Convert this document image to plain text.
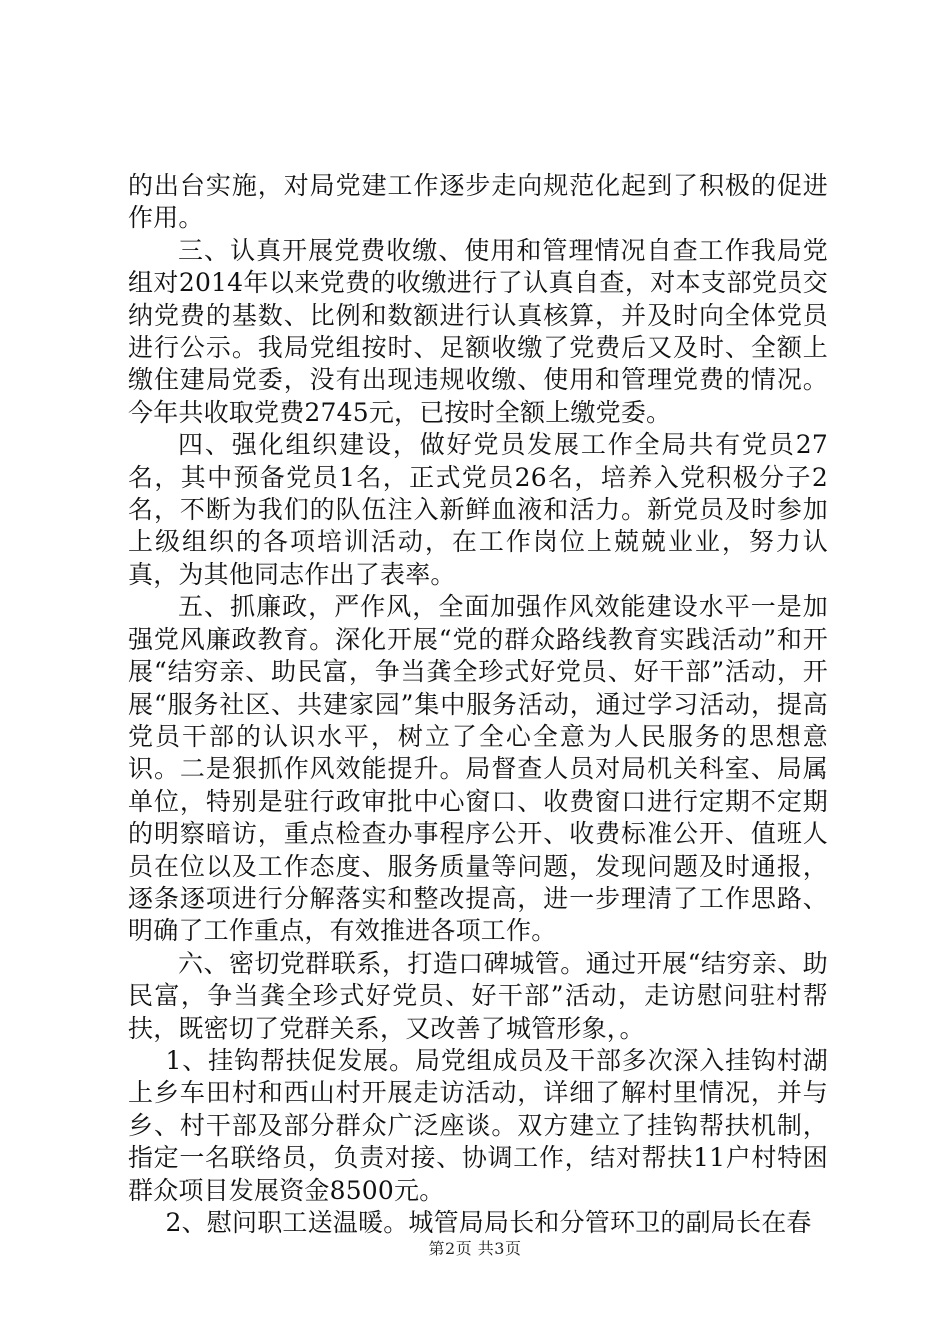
的出台实施，对局党建工作逐步走向规范化起到了积极的促进作用。

三、认真开展党费收缴、使用和管理情况自查工作我局党组对2014年以来党费的收缴进行了认真自查，对本支部党员交纳党费的基数、比例和数额进行认真核算，并及时向全体党员进行公示。我局党组按时、足额收缴了党费后又及时、全额上缴住建局党委，没有出现违规收缴、使用和管理党费的情况。今年共收取党费2745元，已按时全额上缴党委。

四、强化组织建设，做好党员发展工作全局共有党员27名，其中预备党员1名，正式党员26名，培养入党积极分子2名，不断为我们的队伍注入新鲜血液和活力。新党员及时参加上级组织的各项培训活动，在工作岗位上兢兢业业，努力认真，为其他同志作出了表率。

五、抓廉政，严作风，全面加强作风效能建设水平一是加强党风廉政教育。深化开展“党的群众路线教育实践活动”和开展“结穷亲、助民富，争当龚全珍式好党员、好干部”活动，开展“服务社区、共建家园”集中服务活动，通过学习活动，提高党员干部的认识水平，树立了全心全意为人民服务的思想意识。二是狠抓作风效能提升。局督查人员对局机关科室、局属单位，特别是驻行政审批中心窗口、收费窗口进行定期不定期的明察暗访，重点检查办事程序公开、收费标准公开、值班人员在位以及工作态度、服务质量等问题，发现问题及时通报，逐条逐项进行分解落实和整改提高，进一步理清了工作思路、明确了工作重点，有效推进各项工作。

六、密切党群联系，打造口碑城管。通过开展“结穷亲、助民富，争当龚全珍式好党员、好干部”活动，走访慰问驻村帮扶，既密切了党群关系，又改善了城管形象，。

1、挂钩帮扶促发展。局党组成员及干部多次深入挂钩村湖上乡车田村和西山村开展走访活动，详细了解村里情况，并与乡、村干部及部分群众广泛座谈。双方建立了挂钩帮扶机制，指定一名联络员，负责对接、协调工作，结对帮扶11户村特困群众项目发展资金8500元。

2、慰问职工送温暖。城管局局长和分管环卫的副局长在春

第2页 共3页
